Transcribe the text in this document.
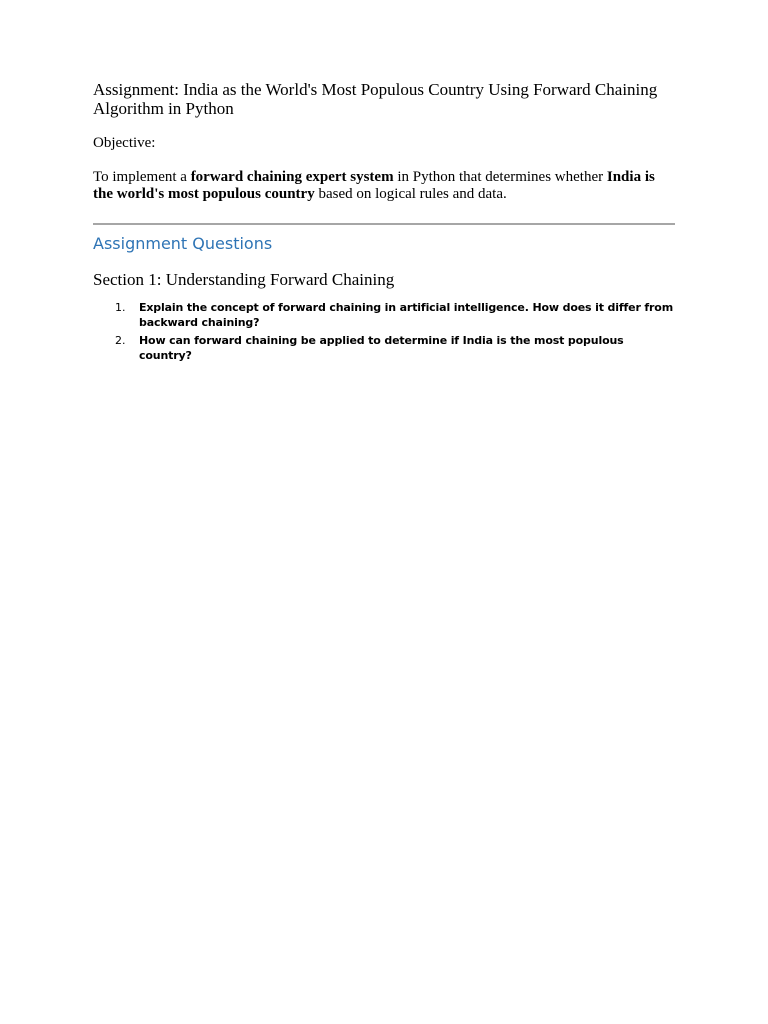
Assignment: India as the World's Most Populous Country Using Forward Chaining Algorithm in Python

Objective:

To implement a forward chaining expert system in Python that determines whether India is the world's most populous country based on logical rules and data.

Assignment Questions
Section 1: Understanding Forward Chaining
1.	Explain the concept of forward chaining in artificial intelligence. How does it differ from backward chaining?
2.	How can forward chaining be applied to determine if India is the most populous country?
